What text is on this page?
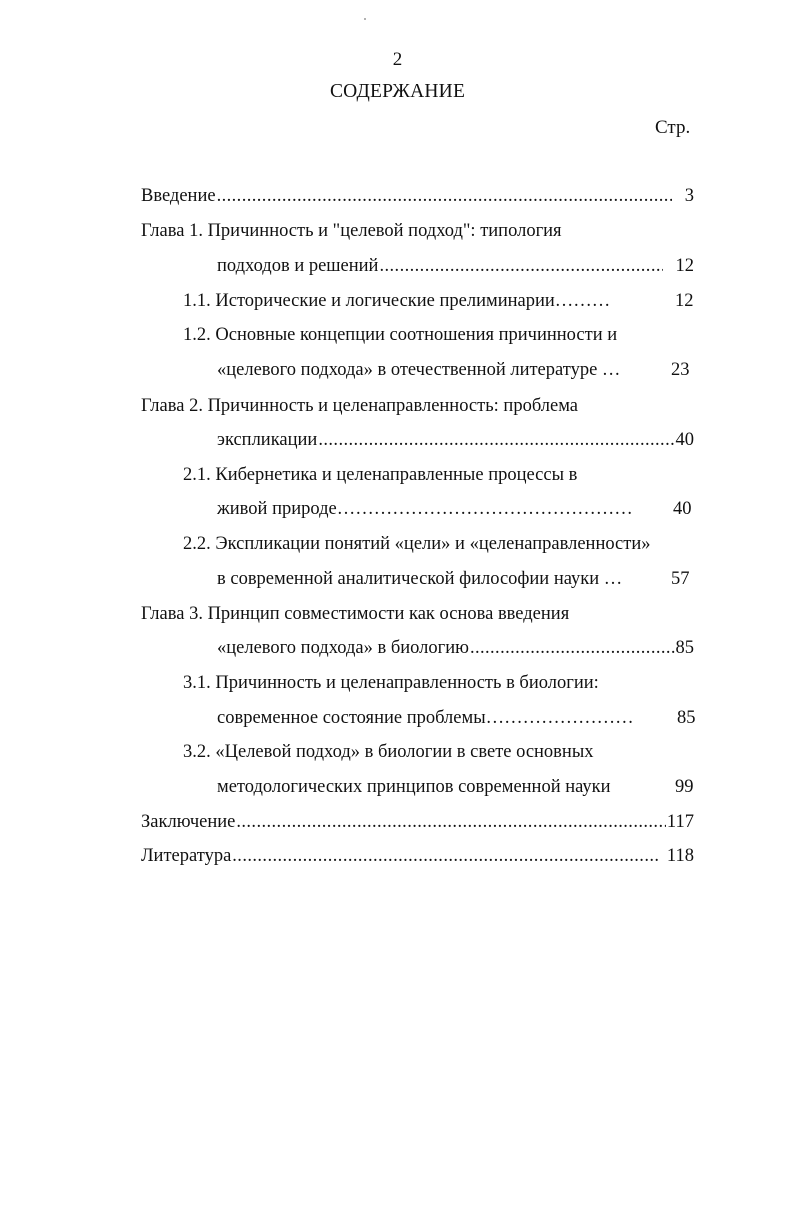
2
СОДЕРЖАНИЕ
Стр.
Введение .....	3
Глава 1. Причинность и "целевой подход": типология
подходов и решений .....	12
1.1. Исторические и логические прелиминарии………	12
1.2. Основные концепции соотношения причинности и
«целевого подхода» в отечественной литературе …	23
Глава 2. Причинность и целенаправленность: проблема
экспликации .....	40
2.1. Кибернетика и целенаправленные процессы в
живой природе………………………………………… 40
2.2. Экспликации понятий «цели» и «целенаправленности»
в современной аналитической философии науки …	57
Глава 3. Принцип совместимости как основа введения
«целевого подхода» в биологию .....	85
3.1. Причинность и целенаправленность в биологии:
современное состояние проблемы…………………… 85
3.2. «Целевой подход» в биологии в свете основных
методологических принципов современной науки	99
Заключение .....	117
Литература .....	118
